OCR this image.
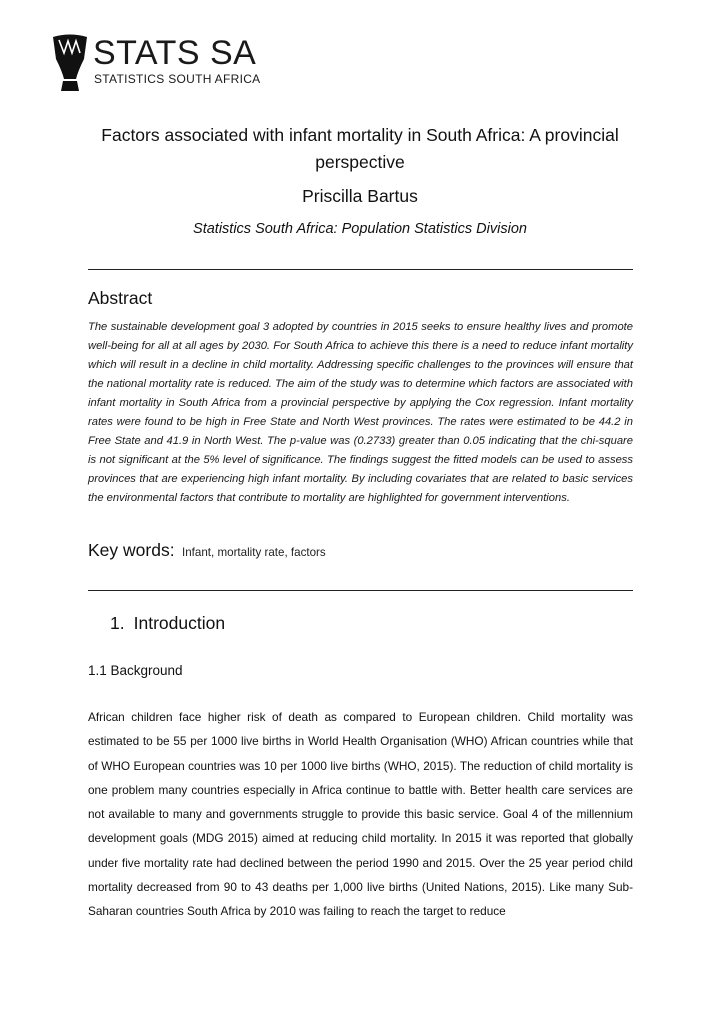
STATS SA
STATISTICS SOUTH AFRICA
Factors associated with infant mortality in South Africa: A provincial perspective
Priscilla Bartus
Statistics South Africa: Population Statistics Division
Abstract
The sustainable development goal 3 adopted by countries in 2015 seeks to ensure healthy lives and promote well-being for all at all ages by 2030. For South Africa to achieve this there is a need to reduce infant mortality which will result in a decline in child mortality. Addressing specific challenges to the provinces will ensure that the national mortality rate is reduced. The aim of the study was to determine which factors are associated with infant mortality in South Africa from a provincial perspective by applying the Cox regression. Infant mortality rates were found to be high in Free State and North West provinces. The rates were estimated to be 44.2 in Free State and 41.9 in North West. The p-value was (0.2733) greater than 0.05 indicating that the chi-square is not significant at the 5% level of significance. The findings suggest the fitted models can be used to assess provinces that are experiencing high infant mortality. By including covariates that are related to basic services the environmental factors that contribute to mortality are highlighted for government interventions.
Key words: Infant, mortality rate, factors
1. Introduction
1.1 Background
African children face higher risk of death as compared to European children. Child mortality was estimated to be 55 per 1000 live births in World Health Organisation (WHO) African countries while that of WHO European countries was 10 per 1000 live births (WHO, 2015). The reduction of child mortality is one problem many countries especially in Africa continue to battle with. Better health care services are not available to many and governments struggle to provide this basic service. Goal 4 of the millennium development goals (MDG 2015) aimed at reducing child mortality. In 2015 it was reported that globally under five mortality rate had declined between the period 1990 and 2015. Over the 25 year period child mortality decreased from 90 to 43 deaths per 1,000 live births (United Nations, 2015). Like many Sub-Saharan countries South Africa by 2010 was failing to reach the target to reduce
